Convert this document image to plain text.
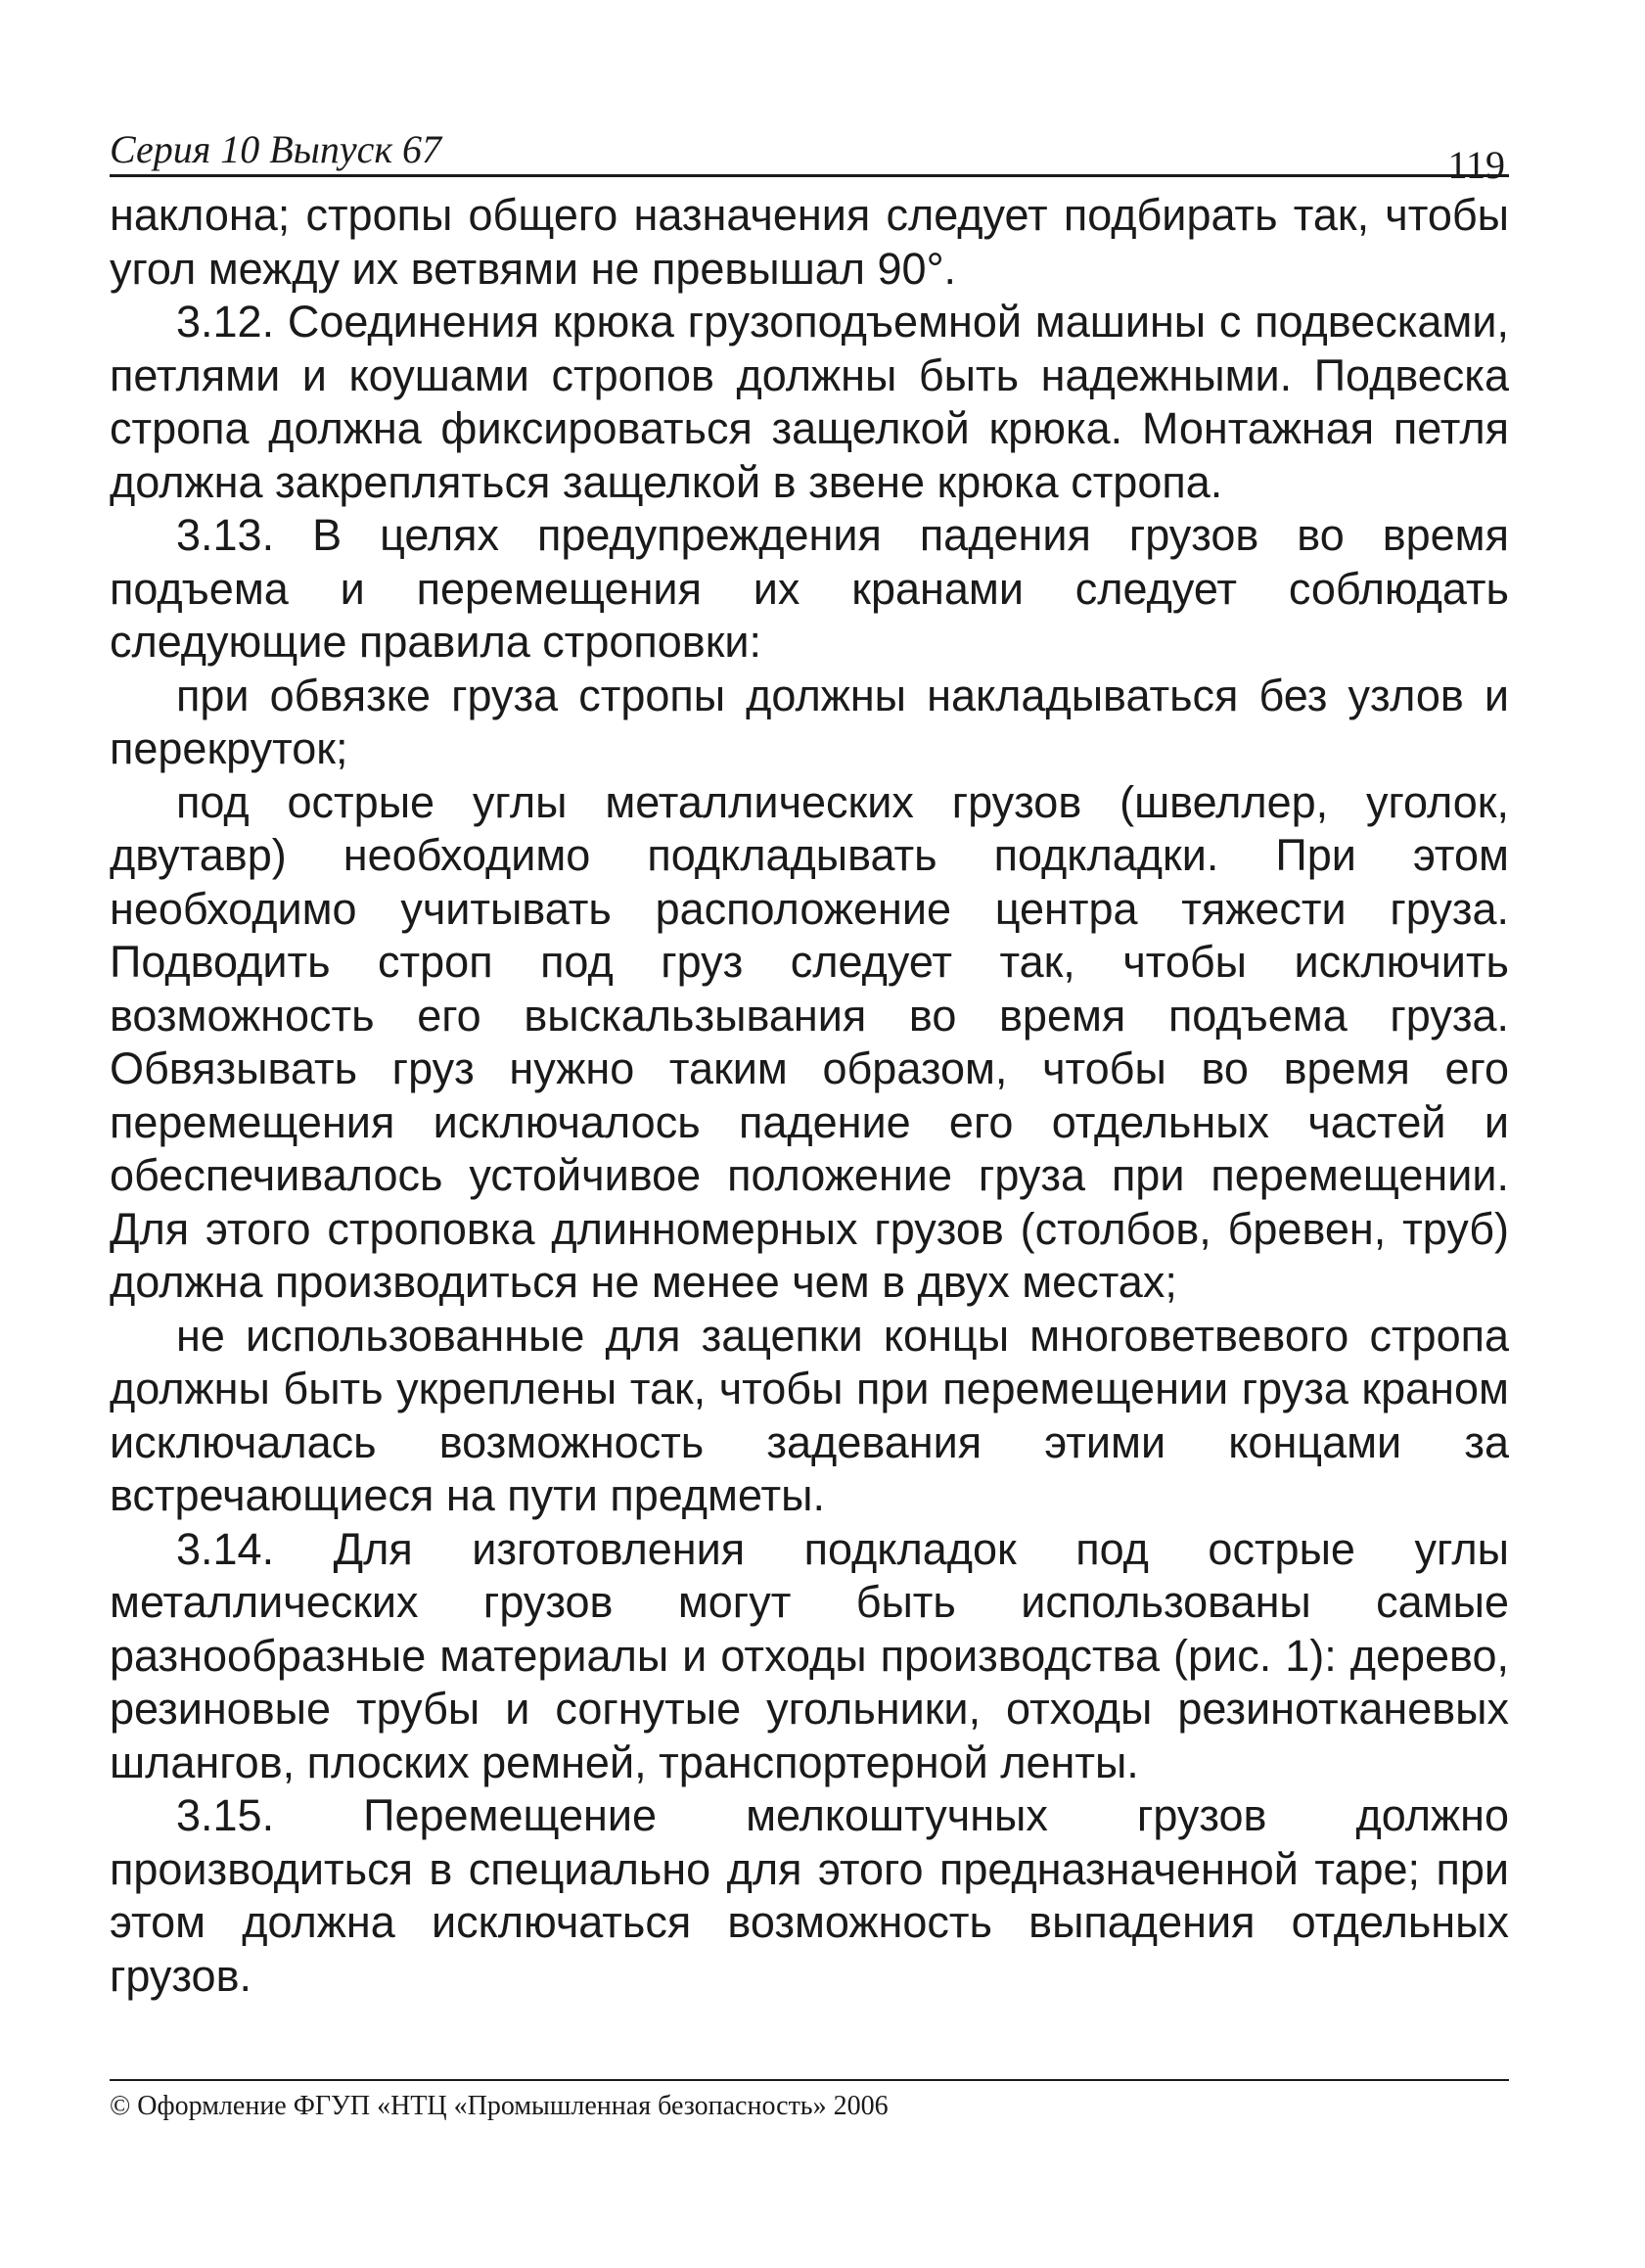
Серия 10 Выпуск 67	119

наклона; стропы общего назначения следует подбирать так, чтобы угол между их ветвями не превышал 90°.

3.12. Соединения крюка грузоподъемной машины с подвесками, петлями и коушами стропов должны быть надежными. Подвеска стропа должна фиксироваться защелкой крюка. Монтажная петля должна закрепляться защелкой в звене крюка стропа.

3.13. В целях предупреждения падения грузов во время подъема и перемещения их кранами следует соблюдать следующие правила строповки:

при обвязке груза стропы должны накладываться без узлов и перекруток;

под острые углы металлических грузов (швеллер, уголок, двутавр) необходимо подкладывать подкладки. При этом необходимо учитывать расположение центра тяжести груза. Подводить строп под груз следует так, чтобы исключить возможность его выскальзывания во время подъема груза. Обвязывать груз нужно таким образом, чтобы во время его перемещения исключалось падение его отдельных частей и обеспечивалось устойчивое положение груза при перемещении. Для этого строповка длинномерных грузов (столбов, бревен, труб) должна производиться не менее чем в двух местах;

не использованные для зацепки концы многоветвевого стропа должны быть укреплены так, чтобы при перемещении груза краном исключалась возможность задевания этими концами за встречающиеся на пути предметы.

3.14. Для изготовления подкладок под острые углы металлических грузов могут быть использованы самые разнообразные материалы и отходы производства (рис. 1): дерево, резиновые трубы и согнутые угольники, отходы резинотканевых шлангов, плоских ремней, транспортерной ленты.

3.15. Перемещение мелкоштучных грузов должно производиться в специально для этого предназначенной таре; при этом должна исключаться возможность выпадения отдельных грузов.

© Оформление ФГУП «НТЦ «Промышленная безопасность» 2006
